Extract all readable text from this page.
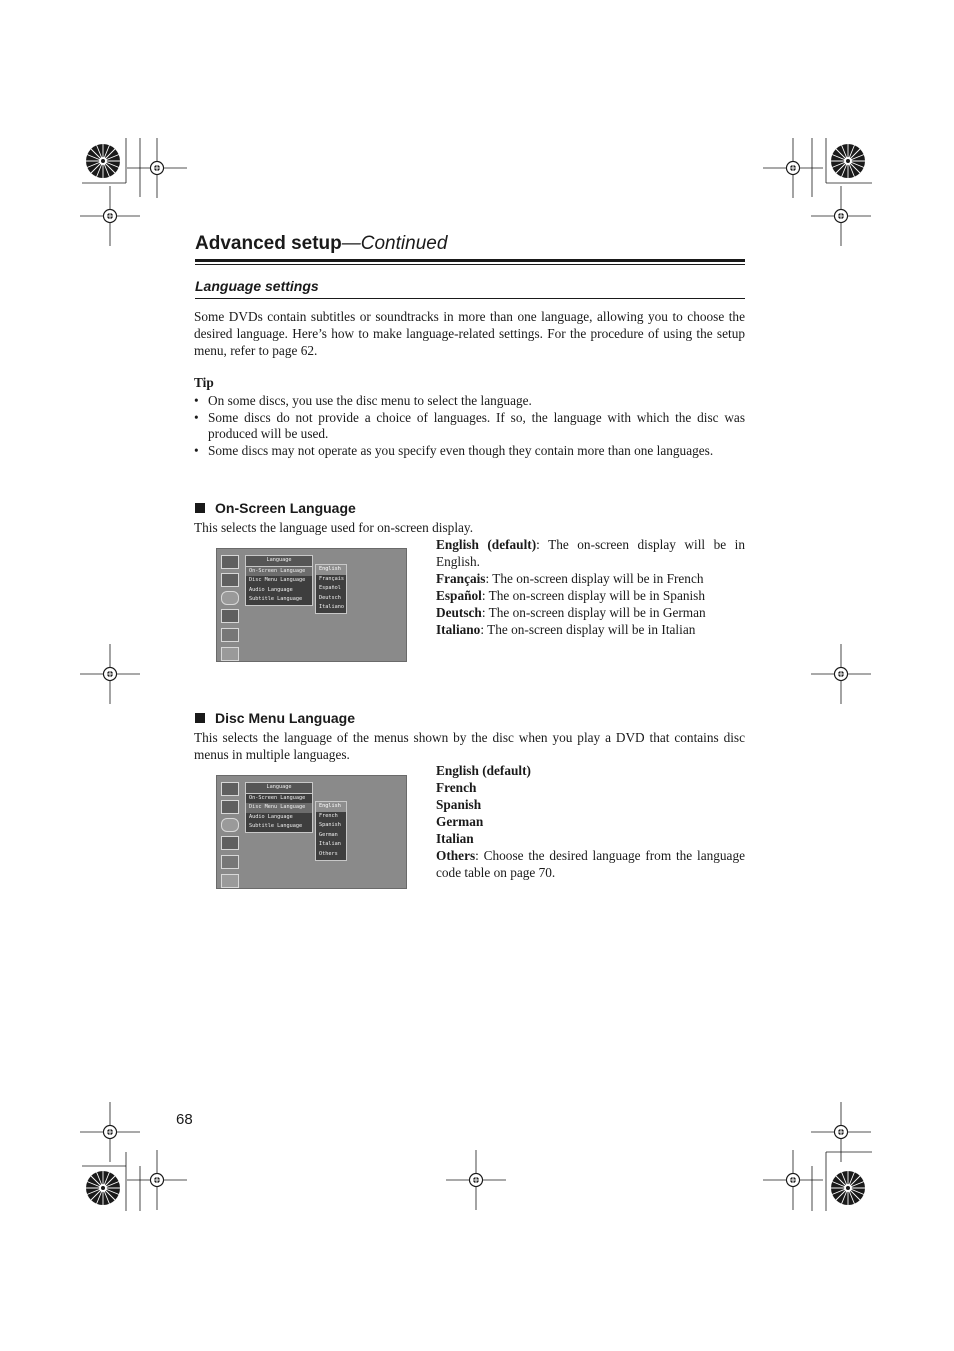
Advanced setup—Continued
Language settings
Some DVDs contain subtitles or soundtracks in more than one language, allowing you to choose the desired language. Here’s how to make language-related settings. For the procedure of using the setup menu, refer to page 62.
Tip
• On some discs, you use the disc menu to select the language.
• Some discs do not provide a choice of languages. If so, the language with which the disc was produced will be used.
• Some discs may not operate as you specify even though they contain more than one languages.
On-Screen Language
This selects the language used for on-screen display.
Language
On-Screen Language
Disc Menu Language
Audio Language
Subtitle Language
English
Français
Español
Deutsch
Italiano

English (default): The on-screen display will be in English.

Français: The on-screen display will be in French

Español: The on-screen display will be in Spanish

Deutsch: The on-screen display will be in German

Italiano: The on-screen display will be in Italian

Disc Menu Language
This selects the language of the menus shown by the disc when you play a DVD that contains disc menus in multiple languages.
Language
On-Screen Language
Disc Menu Language
Audio Language
Subtitle Language
English
French
Spanish
German
Italian
Others

English (default)

French

Spanish

German

Italian

Others: Choose the desired language from the language code table on page 70.

68
